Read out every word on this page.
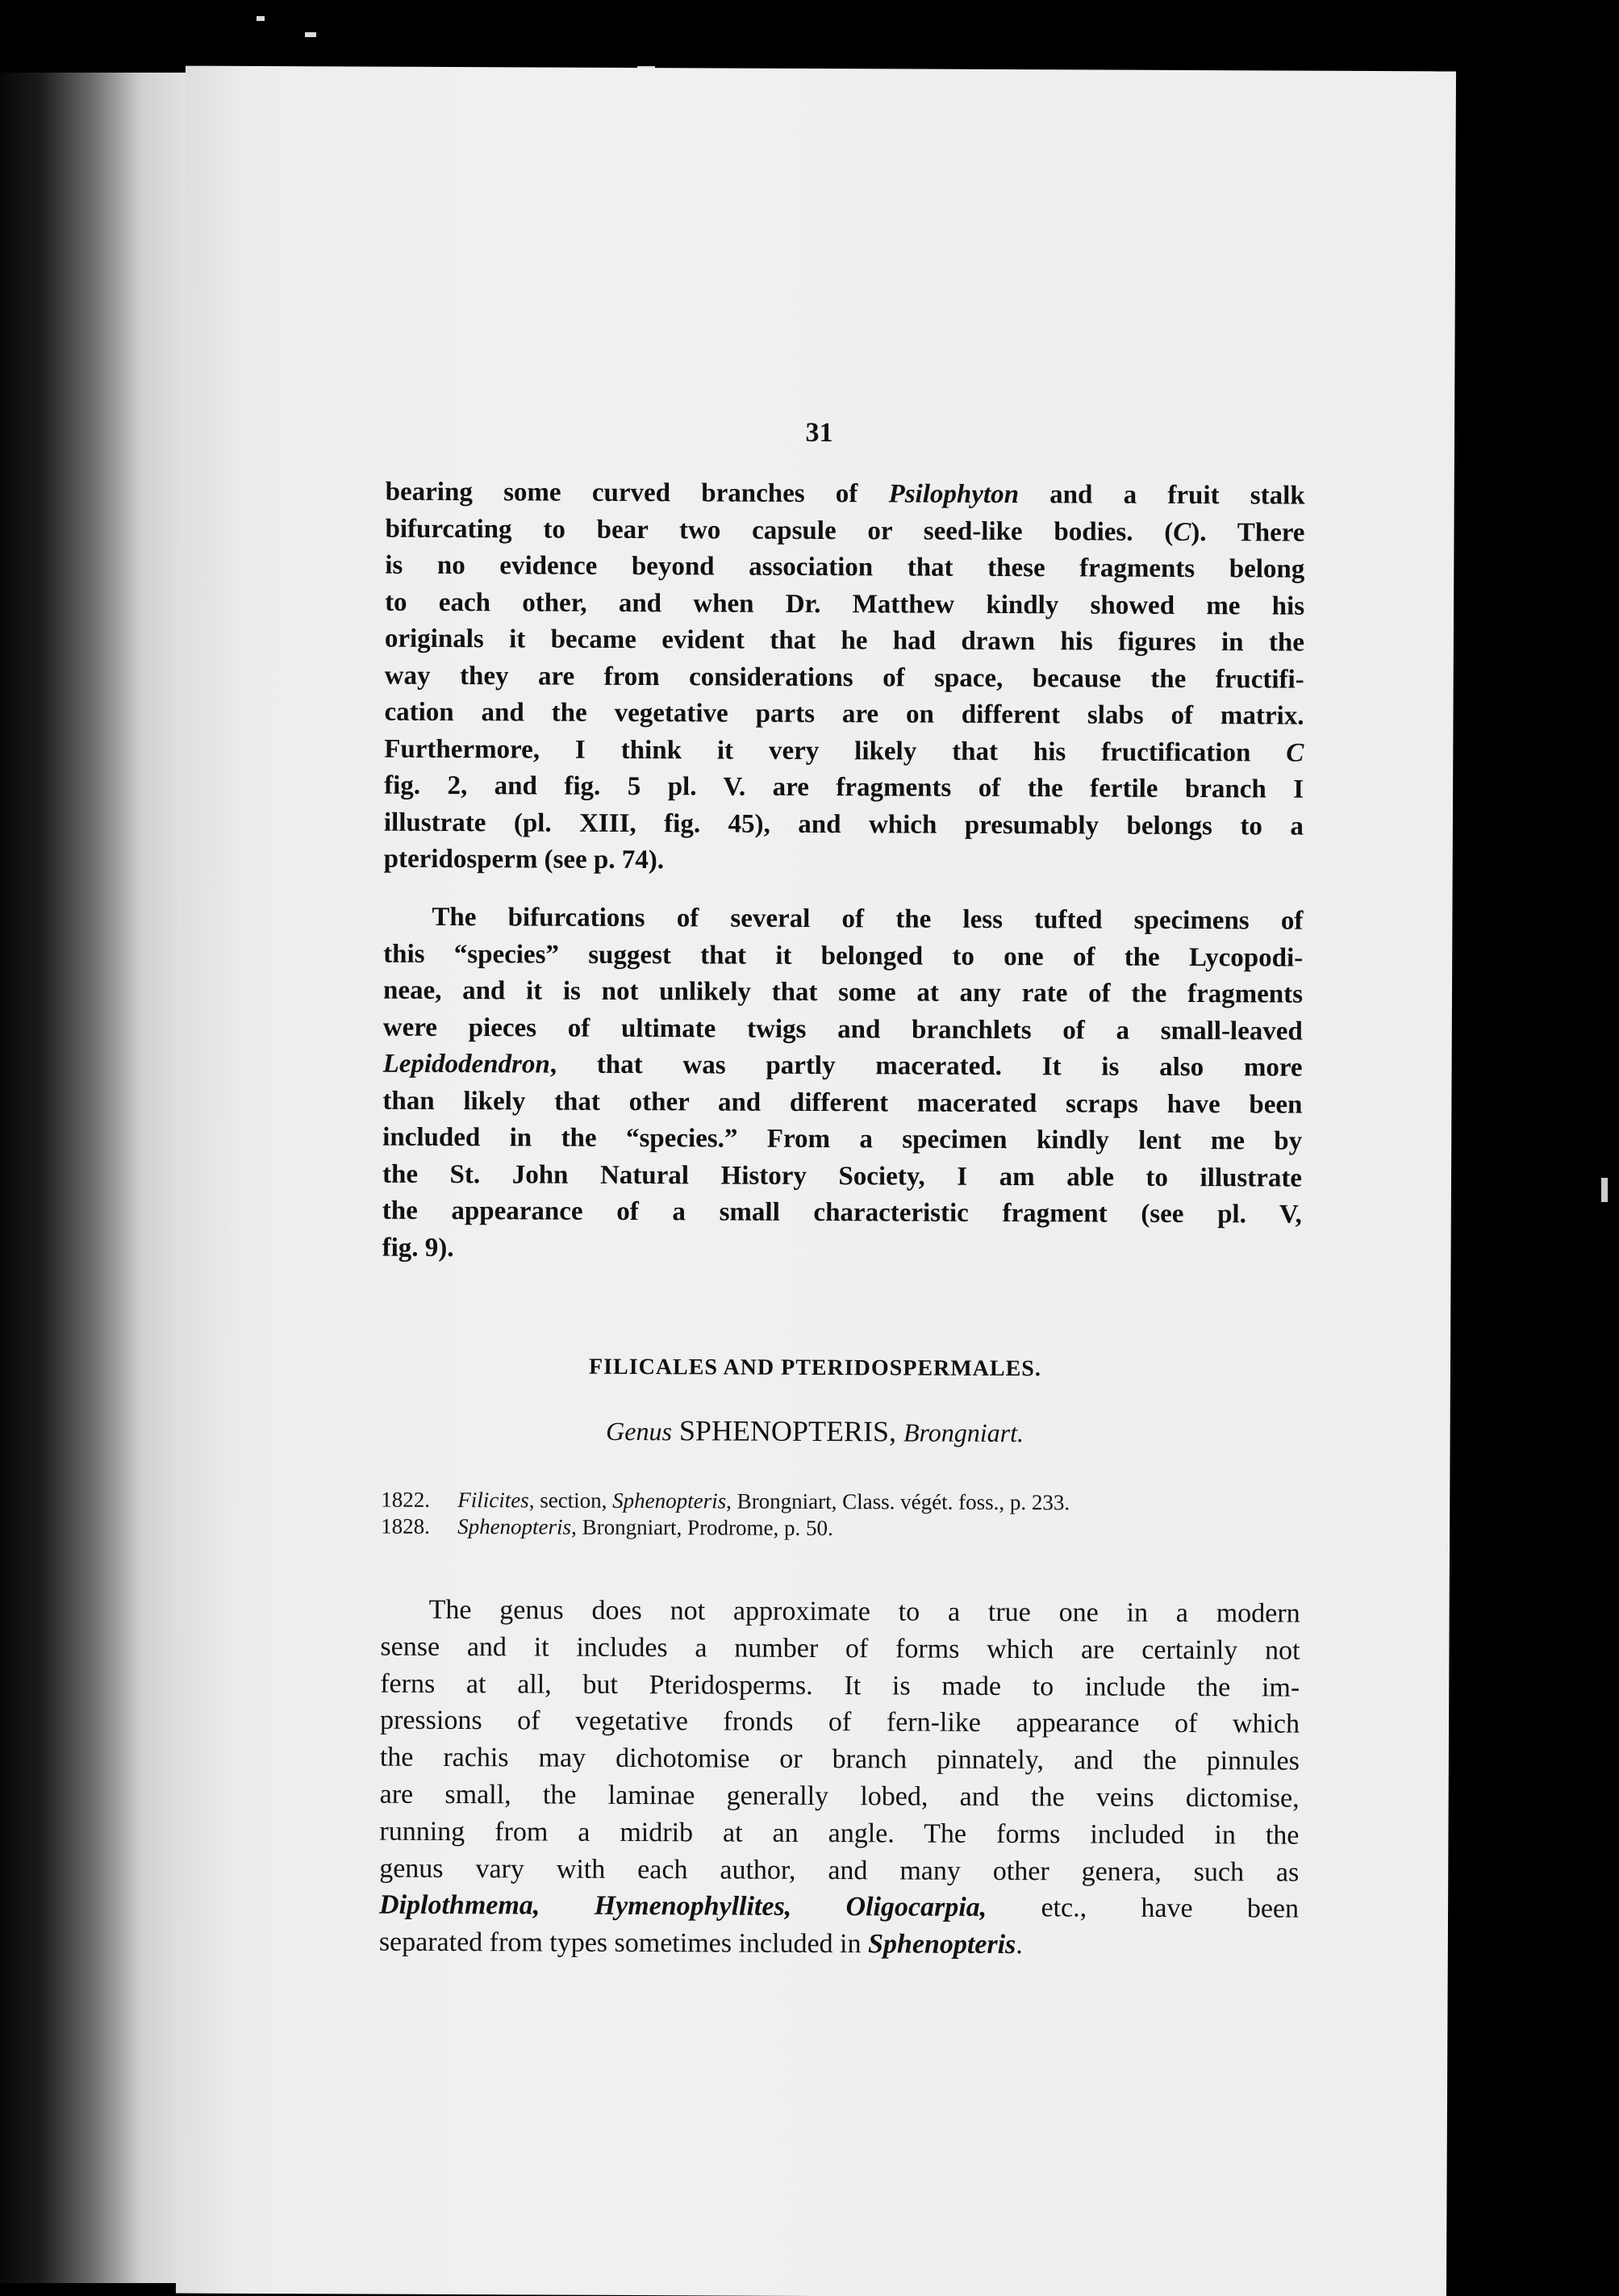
31
bearing some curved branches of Psilophyton and a fruit stalk
bifurcating to bear two capsule or seed-like bodies. (C). There
is no evidence beyond association that these fragments belong
to each other, and when Dr. Matthew kindly showed me his
originals it became evident that he had drawn his figures in the
way they are from considerations of space, because the fructifi-
cation and the vegetative parts are on different slabs of matrix.
Furthermore, I think it very likely that his fructification C
fig. 2, and fig. 5 pl. V. are fragments of the fertile branch I
illustrate (pl. XIII, fig. 45), and which presumably belongs to a
pteridosperm (see p. 74).
The bifurcations of several of the less tufted specimens of
this “species” suggest that it belonged to one of the Lycopodi-
neae, and it is not unlikely that some at any rate of the fragments
were pieces of ultimate twigs and branchlets of a small-leaved
Lepidodendron, that was partly macerated. It is also more
than likely that other and different macerated scraps have been
included in the “species.” From a specimen kindly lent me by
the St. John Natural History Society, I am able to illustrate
the appearance of a small characteristic fragment (see pl. V,
fig. 9).
FILICALES AND PTERIDOSPERMALES.
Genus SPHENOPTERIS, Brongniart.
1822. Filicites, section, Sphenopteris, Brongniart, Class. végét. foss., p. 233.
1828. Sphenopteris, Brongniart, Prodrome, p. 50.
The genus does not approximate to a true one in a modern
sense and it includes a number of forms which are certainly not
ferns at all, but Pteridosperms. It is made to include the im-
pressions of vegetative fronds of fern-like appearance of which
the rachis may dichotomise or branch pinnately, and the pinnules
are small, the laminae generally lobed, and the veins dictomise,
running from a midrib at an angle. The forms included in the
genus vary with each author, and many other genera, such as
Diplothmema, Hymenophyllites, Oligocarpia, etc., have been
separated from types sometimes included in Sphenopteris.
